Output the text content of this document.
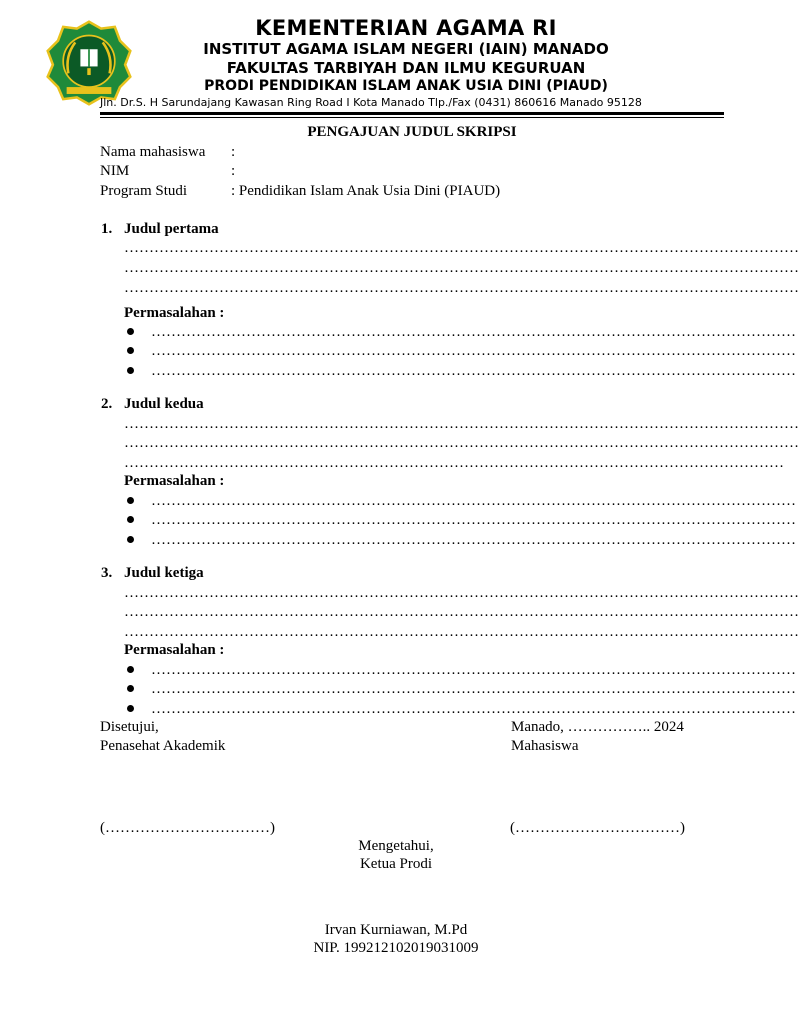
KEMENTERIAN AGAMA RI
INSTITUT AGAMA ISLAM NEGERI (IAIN) MANADO
FAKULTAS TARBIYAH DAN ILMU KEGURUAN
PRODI PENDIDIKAN ISLAM ANAK USIA DINI (PIAUD)
Jln. Dr.S. H Sarundajang Kawasan Ring Road I Kota Manado Tlp./Fax (0431) 860616 Manado 95128
PENGAJUAN JUDUL SKRIPSI
Nama mahasiswa :
NIM	:
Program Studi	: Pendidikan Islam Anak Usia Dini (PIAUD)
1. Judul pertama
………………………………………………………………………………………………………………………
………………………………………………………………………………………………………………………
………………………………………………………………………………………………………………………
Permasalahan :
…………………………………………………………………………………………………………………
…………………………………………………………………………………………………………………
…………………………………………………………………………………………………………………
2. Judul kedua
………………………………………………………………………………………………………………………
………………………………………………………………………………………………………………………
……………………………………………………………………………………………………………………
Permasalahan :
…………………………………………………………………………………………………………………
…………………………………………………………………………………………………………………
…………………………………………………………………………………………………………………
3. Judul ketiga
………………………………………………………………………………………………………………………
………………………………………………………………………………………………………………………
………………………………………………………………………………………………………………………
Permasalahan :
…………………………………………………………………………………………………………………
…………………………………………………………………………………………………………………
…………………………………………………………………………………………………………………
Disetujui,
Penasehat Akademik
Manado, …………….. 2024
Mahasiswa
(……………………………)	(……………………………)
Mengetahui,
Ketua Prodi
Irvan Kurniawan, M.Pd
NIP. 199212102019031009
